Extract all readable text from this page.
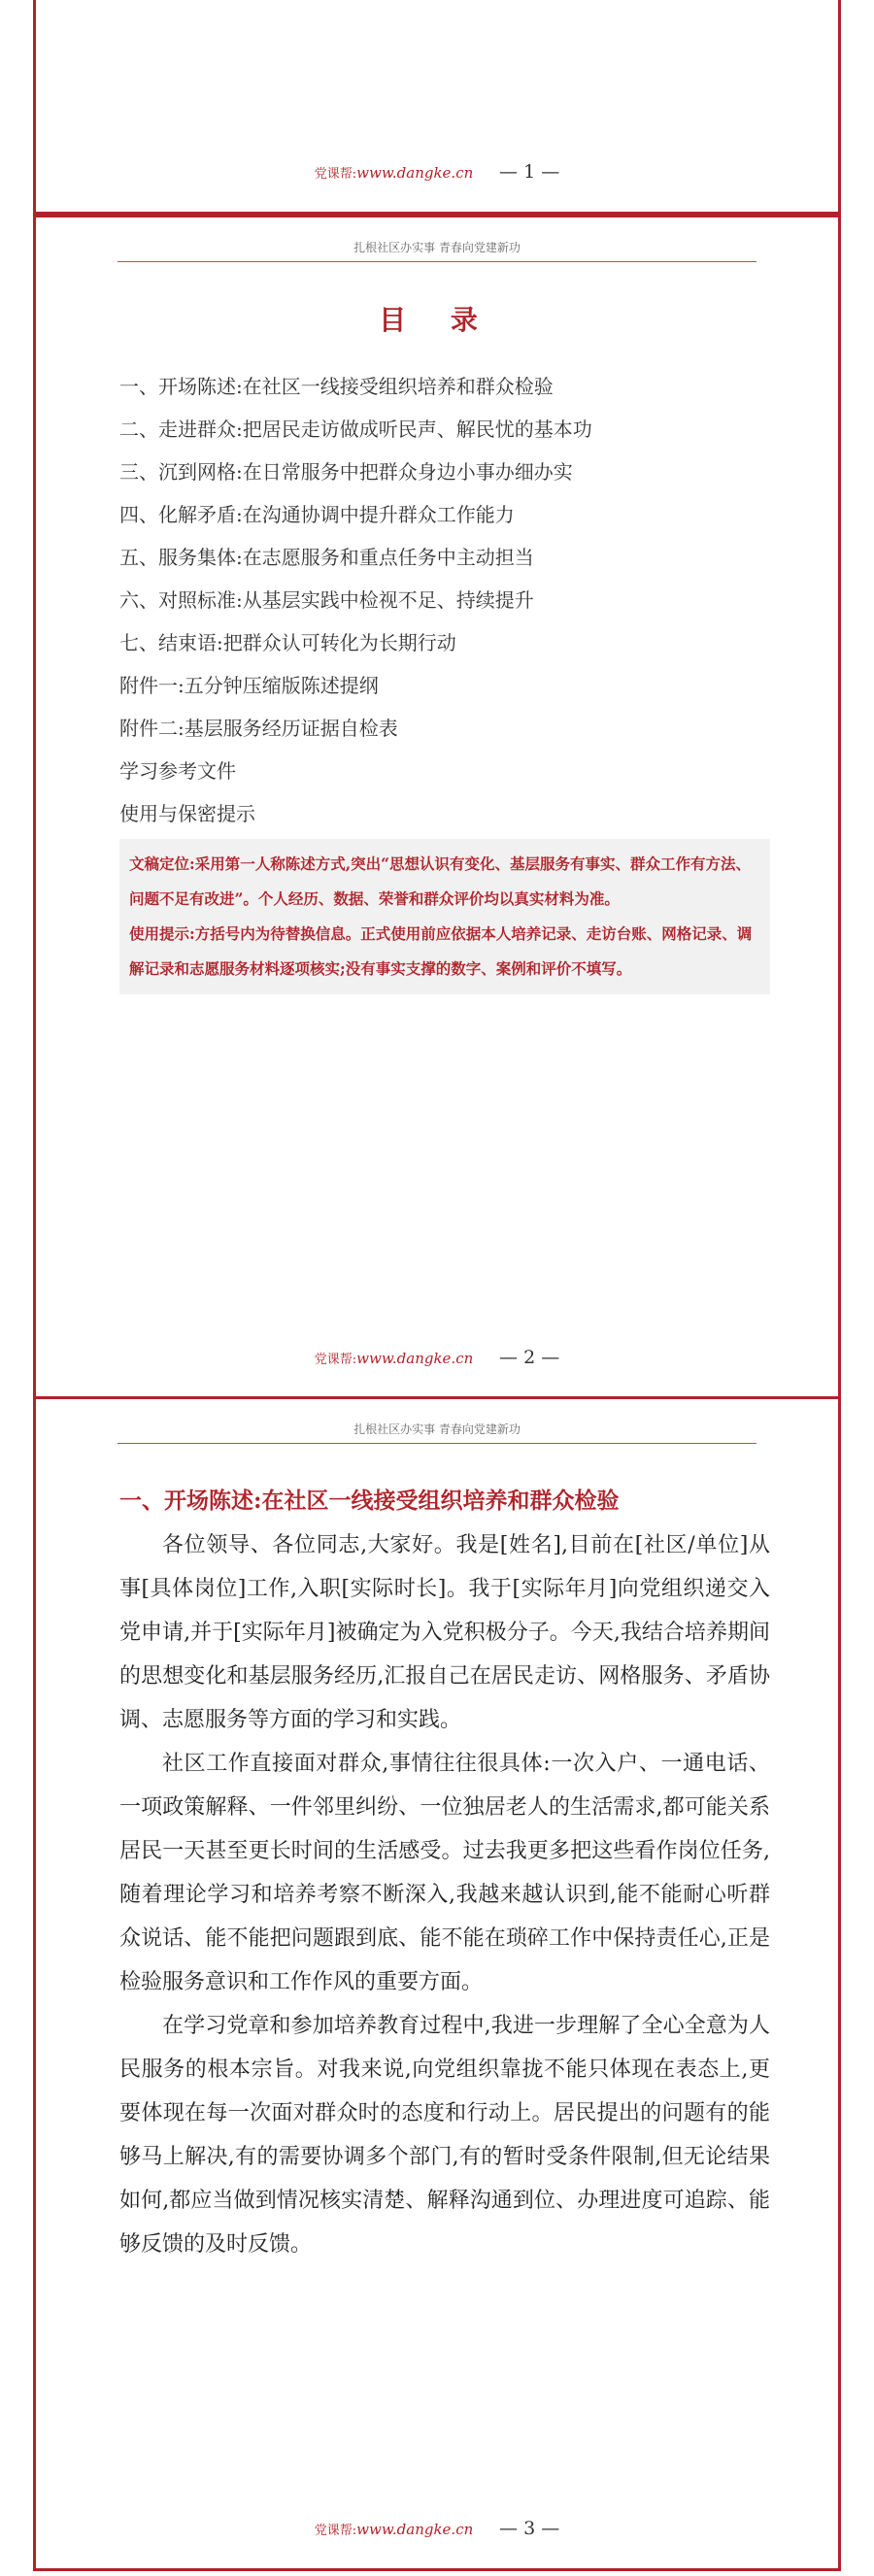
党课帮:www.dangke.cn — 1 —
扎根社区办实事 青春向党建新功
目 录
一、开场陈述:在社区一线接受组织培养和群众检验
二、走进群众:把居民走访做成听民声、解民忧的基本功
三、沉到网格:在日常服务中把群众身边小事办细办实
四、化解矛盾:在沟通协调中提升群众工作能力
五、服务集体:在志愿服务和重点任务中主动担当
六、对照标准:从基层实践中检视不足、持续提升
七、结束语:把群众认可转化为长期行动
附件一:五分钟压缩版陈述提纲
附件二:基层服务经历证据自检表
学习参考文件
使用与保密提示

文稿定位:采用第一人称陈述方式,突出“思想认识有变化、基层服务有事实、群众工作有方法、问题不足有改进”。个人经历、数据、荣誉和群众评价均以真实材料为准。

使用提示:方括号内为待替换信息。正式使用前应依据本人培养记录、走访台账、网格记录、调解记录和志愿服务材料逐项核实;没有事实支撑的数字、案例和评价不填写。

党课帮:www.dangke.cn — 2 —
扎根社区办实事 青春向党建新功
一、开场陈述:在社区一线接受组织培养和群众检验

各位领导、各位同志,大家好。我是[姓名],目前在[社区/单位]从事[具体岗位]工作,入职[实际时长]。我于[实际年月]向党组织递交入党申请,并于[实际年月]被确定为入党积极分子。今天,我结合培养期间的思想变化和基层服务经历,汇报自己在居民走访、网格服务、矛盾协调、志愿服务等方面的学习和实践。

社区工作直接面对群众,事情往往很具体:一次入户、一通电话、一项政策解释、一件邻里纠纷、一位独居老人的生活需求,都可能关系居民一天甚至更长时间的生活感受。过去我更多把这些看作岗位任务,随着理论学习和培养考察不断深入,我越来越认识到,能不能耐心听群众说话、能不能把问题跟到底、能不能在琐碎工作中保持责任心,正是检验服务意识和工作作风的重要方面。

在学习党章和参加培养教育过程中,我进一步理解了全心全意为人民服务的根本宗旨。对我来说,向党组织靠拢不能只体现在表态上,更要体现在每一次面对群众时的态度和行动上。居民提出的问题有的能够马上解决,有的需要协调多个部门,有的暂时受条件限制,但无论结果如何,都应当做到情况核实清楚、解释沟通到位、办理进度可追踪、能够反馈的及时反馈。

党课帮:www.dangke.cn — 3 —
